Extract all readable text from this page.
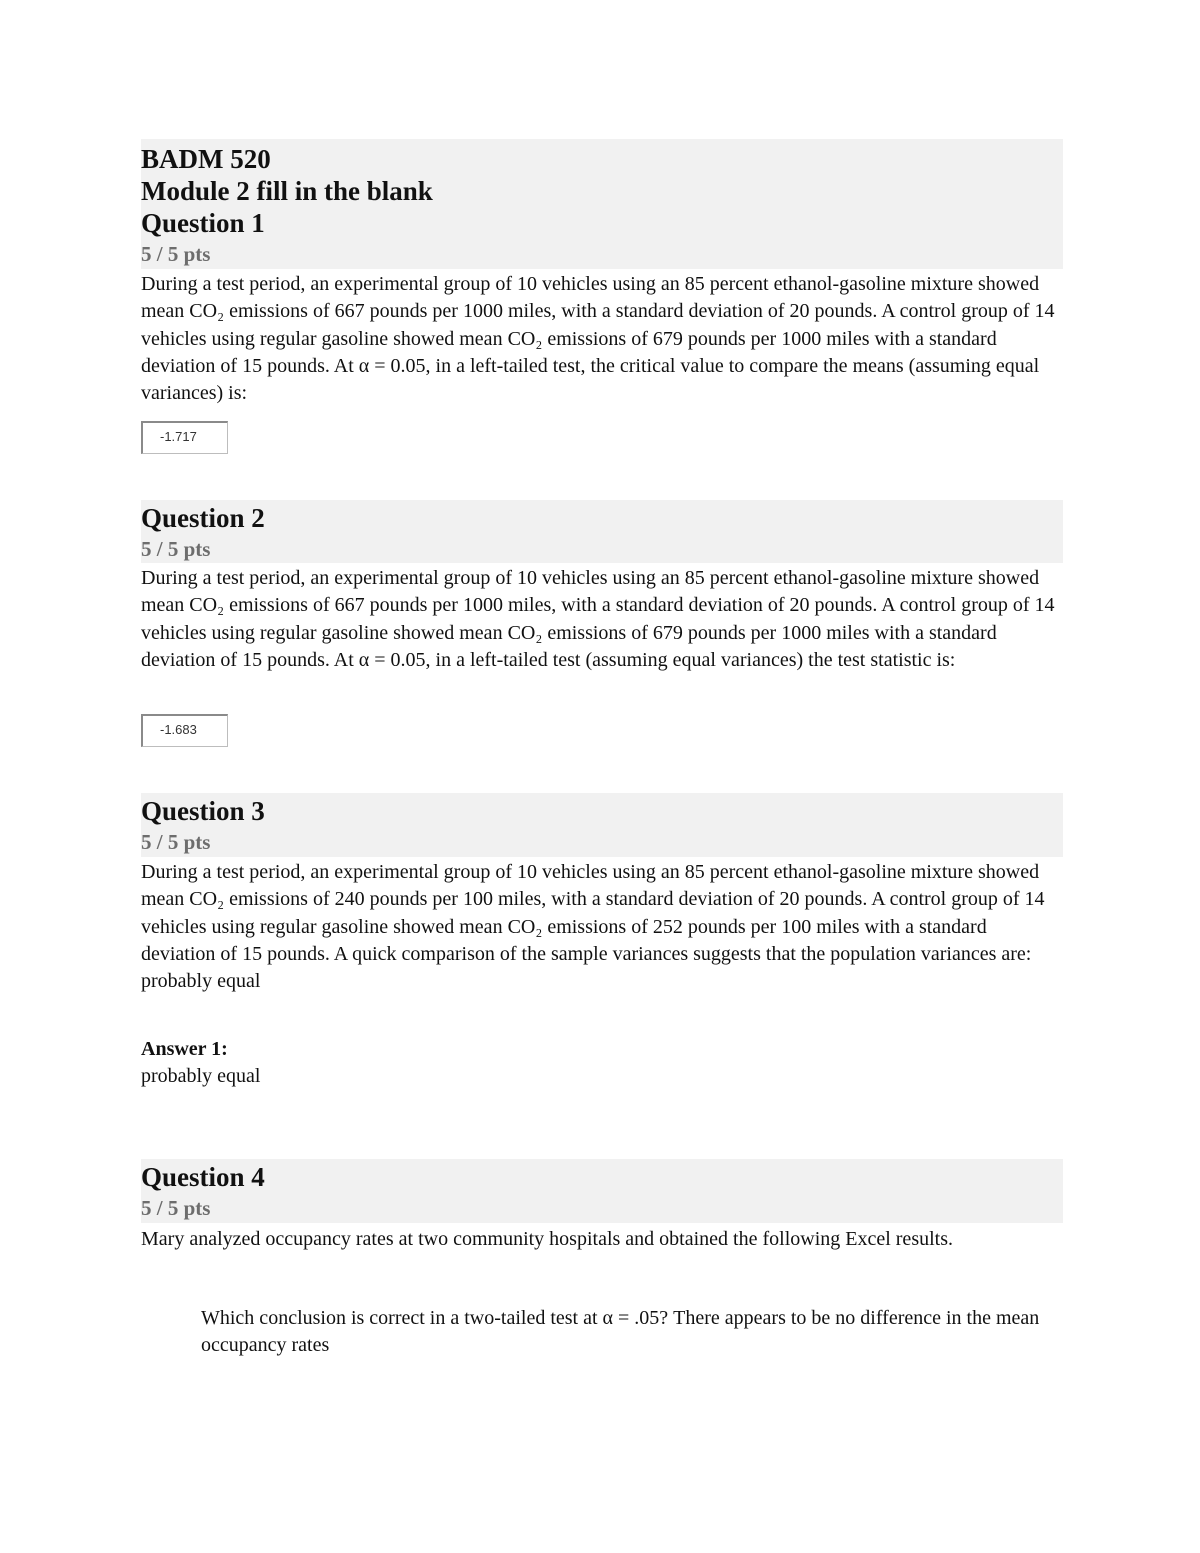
BADM 520
Module 2 fill in the blank
Question 1
5 / 5 pts

During a test period, an experimental group of 10 vehicles using an 85 percent ethanol-gasoline mixture showed mean CO₂ emissions of 667 pounds per 1000 miles, with a standard deviation of 20 pounds. A control group of 14 vehicles using regular gasoline showed mean CO₂ emissions of 679 pounds per 1000 miles with a standard deviation of 15 pounds. At α = 0.05, in a left-tailed test, the critical value to compare the means (assuming equal variances) is:

-1.717
Question 2
5 / 5 pts

During a test period, an experimental group of 10 vehicles using an 85 percent ethanol-gasoline mixture showed mean CO₂ emissions of 667 pounds per 1000 miles, with a standard deviation of 20 pounds. A control group of 14 vehicles using regular gasoline showed mean CO₂ emissions of 679 pounds per 1000 miles with a standard deviation of 15 pounds. At α = 0.05, in a left-tailed test (assuming equal variances) the test statistic is:

-1.683
Question 3
5 / 5 pts

During a test period, an experimental group of 10 vehicles using an 85 percent ethanol-gasoline mixture showed mean CO₂ emissions of 240 pounds per 100 miles, with a standard deviation of 20 pounds. A control group of 14 vehicles using regular gasoline showed mean CO₂ emissions of 252 pounds per 100 miles with a standard deviation of 15 pounds. A quick comparison of the sample variances suggests that the population variances are: probably equal

Answer 1:
probably equal
Question 4
5 / 5 pts

Mary analyzed occupancy rates at two community hospitals and obtained the following Excel results.

Which conclusion is correct in a two-tailed test at α = .05? There appears to be no difference in the mean occupancy rates
